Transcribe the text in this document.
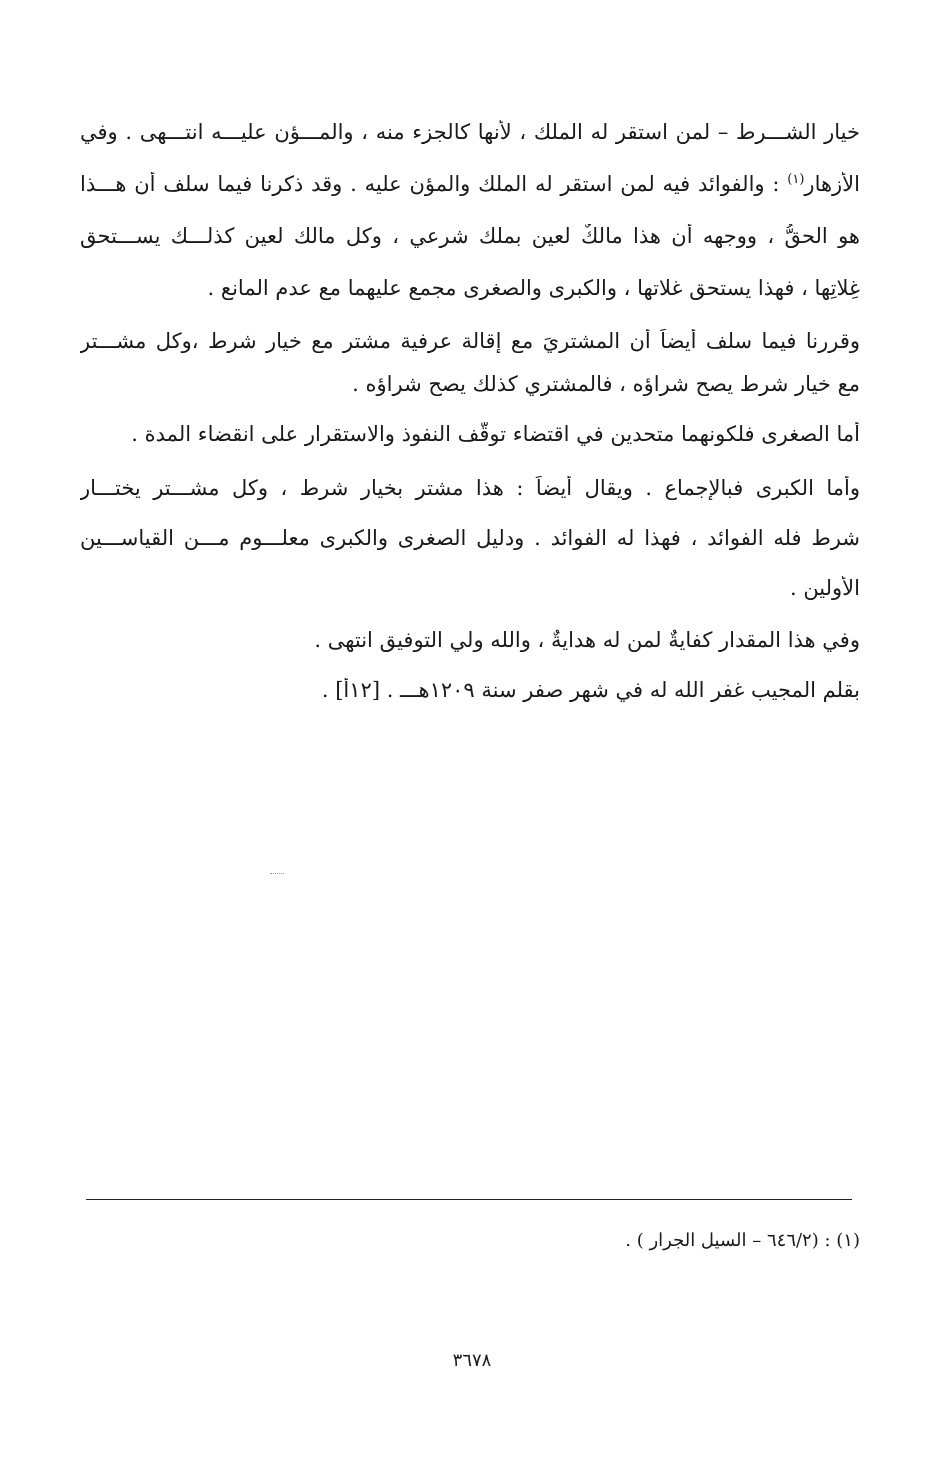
خيار الشـــرط – لمن استقر له الملك ، لأنها كالجزء منه ، والمـــؤن عليـــه انتـــهى . وفي
الأزهار$^{(١)}$ : والفوائد فيه لمن استقر له الملك والمؤن عليه . وقد ذكرنا فيما سلف أن هـــذا
هو الحقُّ ، ووجهه أن هذا مالكٌ لعين بملك شرعي ، وكل مالك لعين كذلـــك يســـتحق
غِلاتِها ، فهذا يستحق غلاتها ، والكبرى والصغرى مجمع عليهما مع عدم المانع .
وقررنا فيما سلف أيضاً أن المشتريَ مع إقالة عرفية مشترٍ مع خيار شرط ،وكل مشـــترٍ
مع خيار شرط يصح شراؤه ، فالمشتري كذلك يصح شراؤه .
أما الصغرى فلكونهما متحدين في اقتضاء توقُّف النفوذ والاستقرار على انقضاء المدة .
وأما الكبرى فبالإجماع . ويقال أيضاً : هذا مشترٍ بخيار شرط ، وكل مشـــترٍ يختـــار
شرط فله الفوائد ، فهذا له الفوائد . ودليل الصغرى والكبرى معلـــوم مـــن القياســـين
الأولين .
وفي هذا المقدار كفايةٌ لمن له هدايةٌ ، والله ولي التوفيق انتهى .
بقلم المجيب غفر الله له في شهر صفر سنة ١٢٠٩هـــ . [١٢أ] .
(١) : (٦٤٦/٢ – السيل الجرار ) .
٣٦٧٨
